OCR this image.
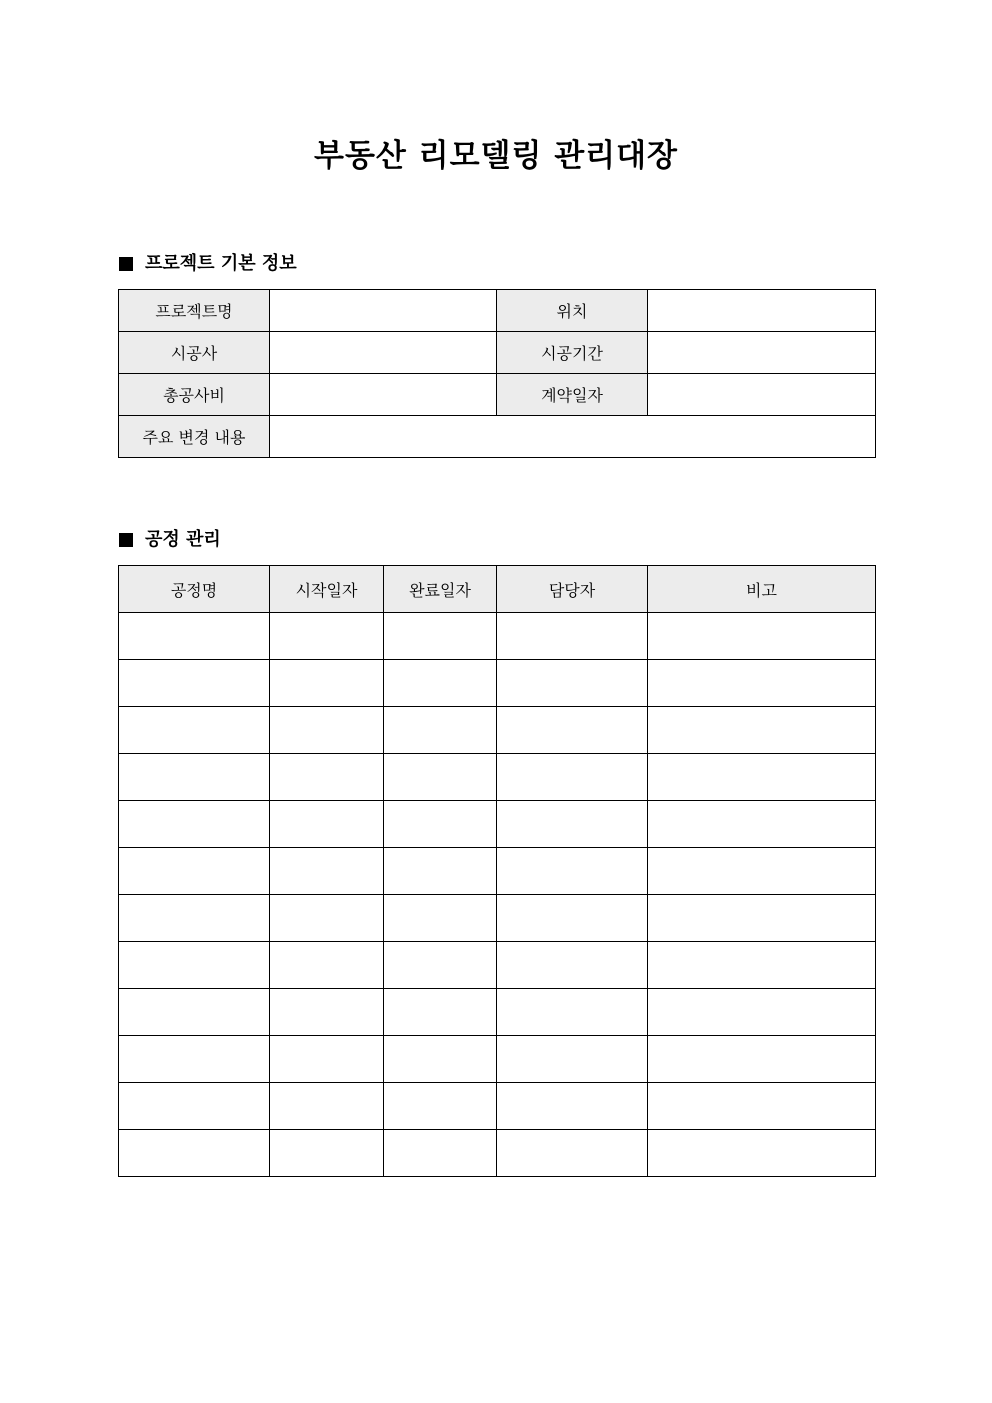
부동산 리모델링 관리대장
프로젝트 기본 정보
프로젝트명		위치	
시공사		시공기간	
총공사비		계약일자	
주요 변경 내용			
공정 관리
공정명	시작일자	완료일자	담당자	비고
